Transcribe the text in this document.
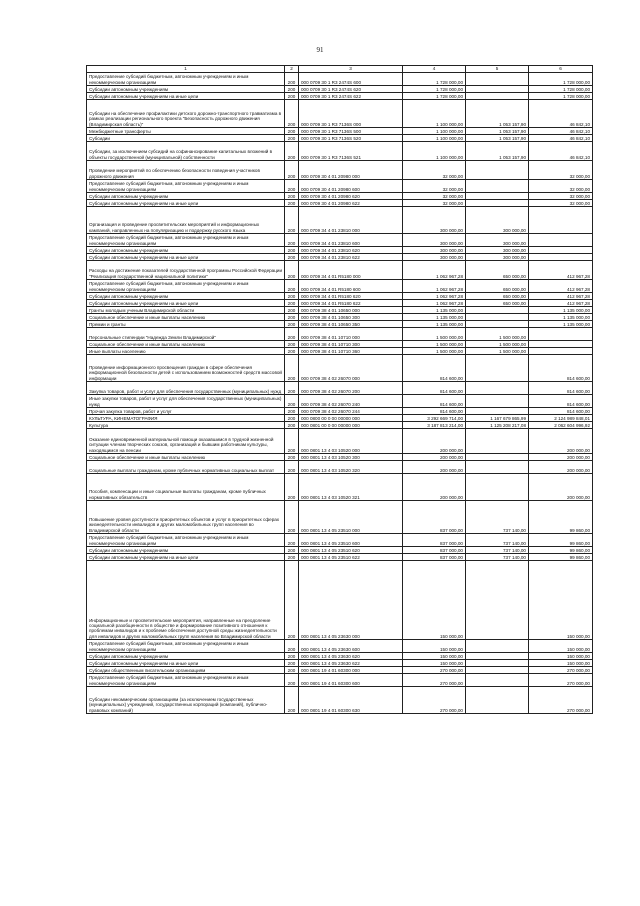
91
1	2	3	4	5	6
Предоставление субсидий бюджетным, автономным учреждениям и иным некоммерческим организациям	200	000 0709 30 1 R3 2474S 600	1 728 000,00		1 728 000,00
Субсидии автономным учреждениям	200	000 0709 30 1 R3 2474S 620	1 728 000,00		1 728 000,00
Субсидии автономным учреждениям на иные цели	200	000 0709 30 1 R3 2474S 622	1 728 000,00		1 728 000,00
Субсидии на обеспечение профилактики детского дорожно-транспортного травматизма в рамках реализации регионального проекта "Безопасность дорожного движения (Владимирская область)"	200	000 0709 30 1 R3 7136S 000	1 100 000,00	1 053 157,90	46 842,10
Межбюджетные трансферты	200	000 0709 30 1 R3 7136S 500	1 100 000,00	1 053 157,90	46 842,10
Субсидии	200	000 0709 30 1 R3 7136S 520	1 100 000,00	1 053 157,90	46 842,10
Субсидии, за исключением субсидий на софинансирование капитальных вложений в объекты государственной (муниципальной) собственности	200	000 0709 30 1 R3 7136S 521	1 100 000,00	1 053 157,90	46 842,10
Проведение мероприятий по обеспечению безопасности поведения участников дорожного движения	200	000 0709 30 4 01 20980 000	32 000,00		32 000,00
Предоставление субсидий бюджетным, автономным учреждениям и иным некоммерческим организациям	200	000 0709 30 4 01 20980 600	32 000,00		32 000,00
Субсидии автономным учреждениям	200	000 0709 30 4 01 20980 620	32 000,00		32 000,00
Субсидии автономным учреждениям на иные цели	200	000 0709 30 4 01 20980 622	32 000,00		32 000,00
Организация и проведение просветительских мероприятий и информационных кампаний, направленных на популяризацию и поддержку русского языка	200	000 0709 34 4 01 23810 000	300 000,00	300 000,00	
Предоставление субсидий бюджетным, автономным учреждениям и иным некоммерческим организациям	200	000 0709 34 4 01 23810 600	300 000,00	300 000,00	
Субсидии автономным учреждениям	200	000 0709 34 4 01 23810 620	300 000,00	300 000,00	
Субсидии автономным учреждениям на иные цели	200	000 0709 34 4 01 23810 622	300 000,00	300 000,00	
Расходы на достижение показателей государственной программы Российской Федерации "Реализация государственной национальной политики"	200	000 0709 34 4 01 R5180 000	1 062 967,28	650 000,00	412 967,28
Предоставление субсидий бюджетным, автономным учреждениям и иным некоммерческим организациям	200	000 0709 34 4 01 R5180 600	1 062 967,28	650 000,00	412 967,28
Субсидии автономным учреждениям	200	000 0709 34 4 01 R5180 620	1 062 967,28	650 000,00	412 967,28
Субсидии автономным учреждениям на иные цели	200	000 0709 34 4 01 R5180 622	1 062 967,28	650 000,00	412 967,28
Гранты молодым ученым Владимирской области	200	000 0709 38 4 01 10650 000	1 135 000,00		1 135 000,00
Социальное обеспечение и иные выплаты населению	200	000 0709 38 4 01 10650 300	1 135 000,00		1 135 000,00
Премии и гранты	200	000 0709 38 4 01 10650 350	1 135 000,00		1 135 000,00
Персональные стипендии "Надежда Земли Владимирской"	200	000 0709 38 4 01 10710 000	1 500 000,00	1 500 000,00	
Социальное обеспечение и иные выплаты населению	200	000 0709 38 4 01 10710 300	1 500 000,00	1 500 000,00	
Иные выплаты населению	200	000 0709 38 4 01 10710 360	1 500 000,00	1 500 000,00	
Проведение информационного просвещения граждан в сфере обеспечения информационной безопасности детей с использованием возможностей средств массовой информации	200	000 0709 38 4 02 26070 000	814 600,00		814 600,00
Закупка товаров, работ и услуг для обеспечения государственных (муниципальных) нужд	200	000 0709 38 4 02 26070 200	814 600,00		814 600,00
Иные закупки товаров, работ и услуг для обеспечения государственных (муниципальных) нужд	200	000 0709 38 4 02 26070 240	814 600,00		814 600,00
Прочая закупка товаров, работ и услуг	200	000 0709 38 4 02 26070 244	814 600,00		814 600,00
КУЛЬТУРА, КИНЕМАТОГРАФИЯ	200	000 0800 00 0 00 00000 000	3 292 669 714,00	1 167 679 865,99	2 124 989 848,01
Культура	200	000 0801 00 0 00 00000 000	3 187 813 214,00	1 125 208 217,08	2 062 604 996,92
Оказание единовременной материальной помощи оказавшимся в трудной жизненной ситуации членам творческих союзов, организаций и бывшим работникам культуры, находящимся на пенсии	200	000 0801 13 4 03 10520 000	200 000,00		200 000,00
Социальное обеспечение и иные выплаты населению	200	000 0801 13 4 03 10520 300	200 000,00		200 000,00
Социальные выплаты гражданам, кроме публичных нормативных социальных выплат	200	000 0801 13 4 03 10520 320	200 000,00		200 000,00
Пособия, компенсации и иные социальные выплаты гражданам, кроме публичных нормативных обязательств	200	000 0801 13 4 03 10520 321	200 000,00		200 000,00
Повышение уровня доступности приоритетных объектов и услуг в приоритетных сферах жизнедеятельности инвалидов и других маломобильных групп населения во Владимирской области	200	000 0801 13 4 05 23510 000	837 000,00	737 140,00	99 860,00
Предоставление субсидий бюджетным, автономным учреждениям и иным некоммерческим организациям	200	000 0801 13 4 05 23510 600	837 000,00	737 140,00	99 860,00
Субсидии автономным учреждениям	200	000 0801 13 4 05 23510 620	837 000,00	737 140,00	99 860,00
Субсидии автономным учреждениям на иные цели	200	000 0801 13 4 05 23510 622	837 000,00	737 140,00	99 860,00
Информационные и просветительские мероприятия, направленные на преодоление социальной разобщенности в обществе и формирование позитивного отношения к проблемам инвалидов и к проблеме обеспечения доступной среды жизнедеятельности для инвалидов и других маломобильных групп населения во Владимирской области	200	000 0801 13 4 05 23630 000	150 000,00		150 000,00
Предоставление субсидий бюджетным, автономным учреждениям и иным некоммерческим организациям	200	000 0801 13 4 05 23630 600	150 000,00		150 000,00
Субсидии автономным учреждениям	200	000 0801 13 4 05 23630 620	150 000,00		150 000,00
Субсидии автономным учреждениям на иные цели	200	000 0801 13 4 05 23630 622	150 000,00		150 000,00
Субсидии общественным писательским организациям	200	000 0801 19 4 01 60300 000	270 000,00		270 000,00
Предоставление субсидий бюджетным, автономным учреждениям и иным некоммерческим организациям	200	000 0801 19 4 01 60300 600	270 000,00		270 000,00
Субсидии некоммерческим организациям (за исключением государственных (муниципальных) учреждений, государственных корпораций (компаний), публично-правовых компаний)	200	000 0801 19 4 01 60300 630	270 000,00		270 000,00
